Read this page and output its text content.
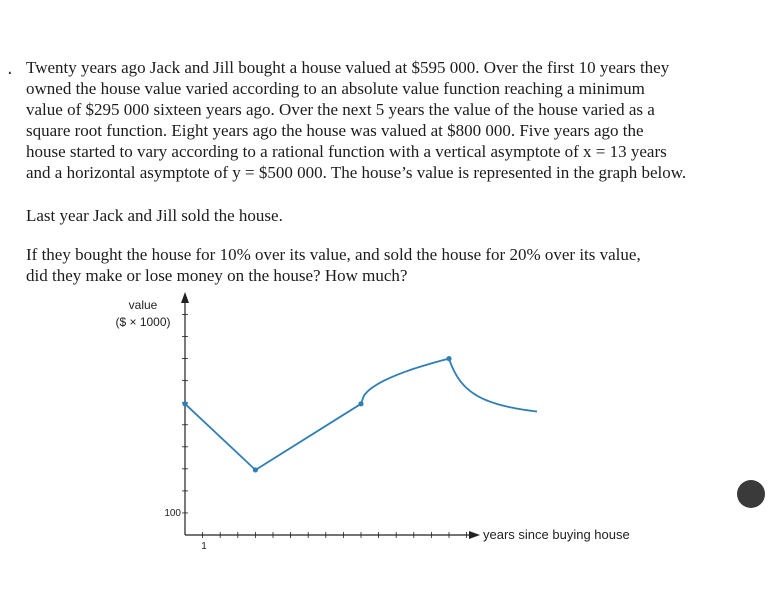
. Twenty years ago Jack and Jill bought a house valued at $595 000. Over the first 10 years they
owned the house value varied according to an absolute value function reaching a minimum
value of $295 000 sixteen years ago. Over the next 5 years the value of the house varied as a
square root function. Eight years ago the house was valued at $800 000. Five years ago the
house started to vary according to a rational function with a vertical asymptote of x = 13 years
and a horizontal asymptote of y = $500 000. The house’s value is represented in the graph below.

Last year Jack and Jill sold the house.

If they bought the house for 10% over its value, and sold the house for 20% over its value,
did they make or lose money on the house? How much?

value
($ × 1000)
years since buying house
100
1
